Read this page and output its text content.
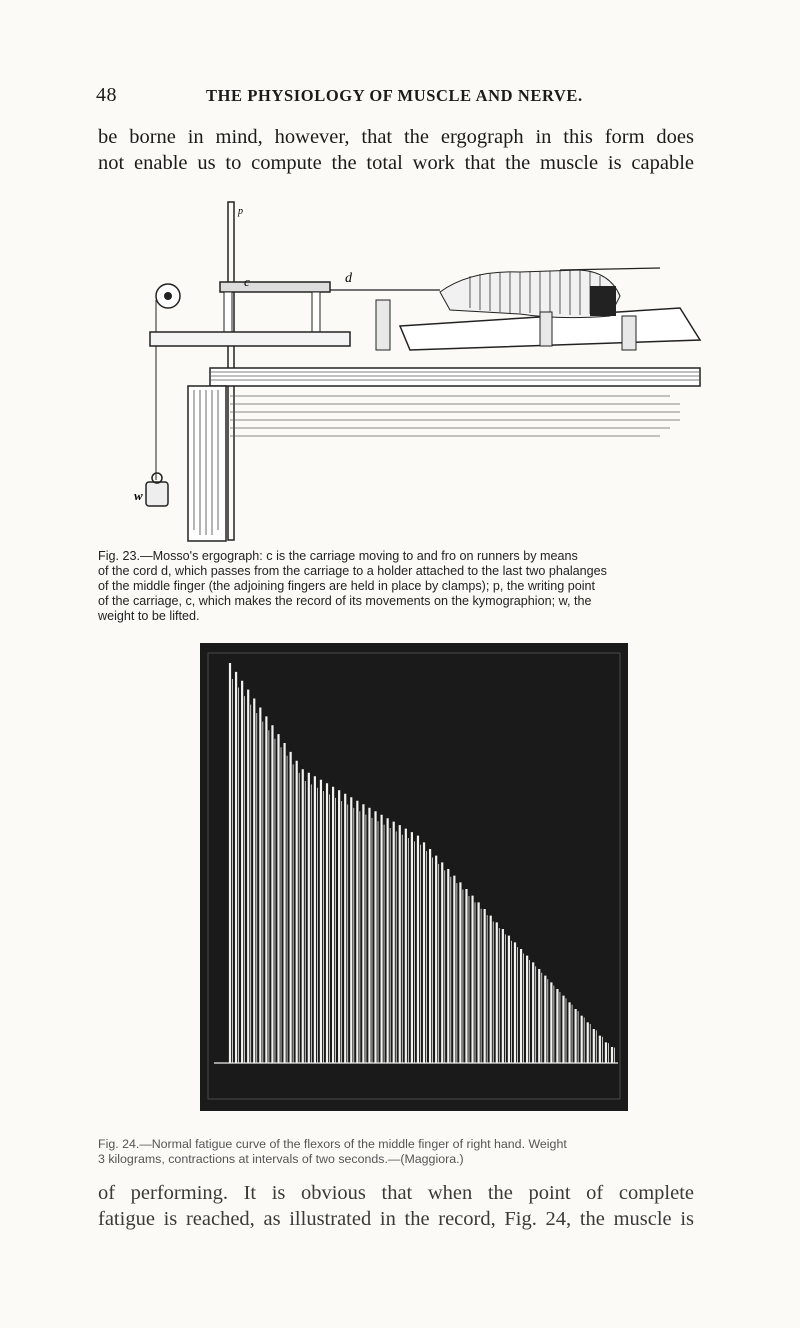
48	THE PHYSIOLOGY OF MUSCLE AND NERVE.
be borne in mind, however, that the ergograph in this form does
not enable us to compute the total work that the muscle is capable
p
c	d
w
Fig. 23.—Mosso's ergograph: c is the carriage moving to and fro on runners by means
of the cord d, which passes from the carriage to a holder attached to the last two phalanges
of the middle finger (the adjoining fingers are held in place by clamps); p, the writing point
of the carriage, c, which makes the record of its movements on the kymographion; w, the
weight to be lifted.
Fig. 24.—Normal fatigue curve of the flexors of the middle finger of right hand. Weight
3 kilograms, contractions at intervals of two seconds.—(Maggiora.)
of performing. It is obvious that when the point of complete
fatigue is reached, as illustrated in the record, Fig. 24, the muscle is
